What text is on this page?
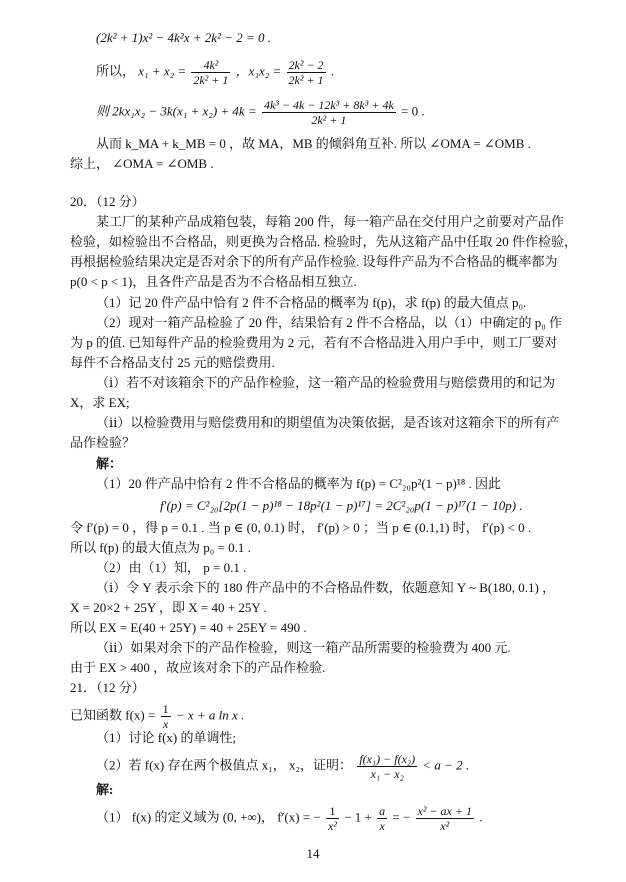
(2k² + 1)x² − 4k²x + 2k² − 2 = 0 .
所以， $x_1 + x_2 = \frac{\text{4k²}}{\text{2k² + 1}}$ ，$x_1x_2 = \frac{\text{2k² − 2}}{\text{2k² + 1}}$ .
则 $2kx_1x_2 - 3k(x_1 + x_2) + 4k = \frac{\text{4k³ − 4k − 12k³ + 8k³ + 4k}}{\text{2k² + 1}} = 0$ .
从而 k_MA + k_MB = 0 ，故 MA，MB 的倾斜角互补. 所以 ∠OMA = ∠OMB .
综上， ∠OMA = ∠OMB .
20．（12 分）
某工厂的某种产品成箱包装，每箱 200 件，每一箱产品在交付用户之前要对产品作
检验，如检验出不合格品，则更换为合格品. 检验时，先从这箱产品中任取 20 件作检验，
再根据检验结果决定是否对余下的所有产品作检验. 设每件产品为不合格品的概率都为
p(0 < p < 1)，且各件产品是否为不合格品相互独立.
（1）记 20 件产品中恰有 2 件不合格品的概率为 f(p)，求 f(p) 的最大值点 p₀.
（2）现对一箱产品检验了 20 件，结果恰有 2 件不合格品，以（1）中确定的 p₀ 作
为 p 的值. 已知每件产品的检验费用为 2 元，若有不合格品进入用户手中，则工厂要对
每件不合格品支付 25 元的赔偿费用.
（ⅰ）若不对该箱余下的产品作检验，这一箱产品的检验费用与赔偿费用的和记为
X，求 EX;
（ⅱ）以检验费用与赔偿费用和的期望值为决策依据，是否该对这箱余下的所有产
品作检验？
解：
（1）20 件产品中恰有 2 件不合格品的概率为 f(p) = C²₂₀p²(1 − p)¹⁸ . 因此
f′(p) = C²₂₀[2p(1 − p)¹⁸ − 18p²(1 − p)¹⁷] = 2C²₂₀p(1 − p)¹⁷(1 − 10p) .
令 f′(p) = 0 ，得 p = 0.1 . 当 p ∈ (0, 0.1) 时， f′(p) > 0 ；当 p ∈ (0.1,1) 时， f′(p) < 0 .
所以 f(p) 的最大值点为 p₀ = 0.1 .
（2）由（1）知， p = 0.1 .
（ⅰ）令 Y 表示余下的 180 件产品中的不合格品件数，依题意知 Y ~ B(180, 0.1) ，
X = 20×2 + 25Y ，即 X = 40 + 25Y .
所以 EX = E(40 + 25Y) = 40 + 25EY = 490 .
（ⅱ）如果对余下的产品作检验，则这一箱产品所需要的检验费为 400 元.
由于 EX > 400 ，故应该对余下的产品作检验.
21．（12 分）
已知函数 $f(x) = \frac{1}{x} - x + a$ ln x .
（1）讨论 f(x) 的单调性;
（2）若 f(x) 存在两个极值点 x₁， x₂，证明： $\frac{\text{f(x₁) − f(x₂)}}{\text{x₁ − x₂}} < a - 2$ .
解:
（1） f(x) 的定义域为 (0, +∞)， f′(x) = − $\frac{1}{\text{x²}} - 1 + \frac{a}{x}$ = − $\frac{\text{x² − ax + 1}}{\text{x²}}$ .
14
